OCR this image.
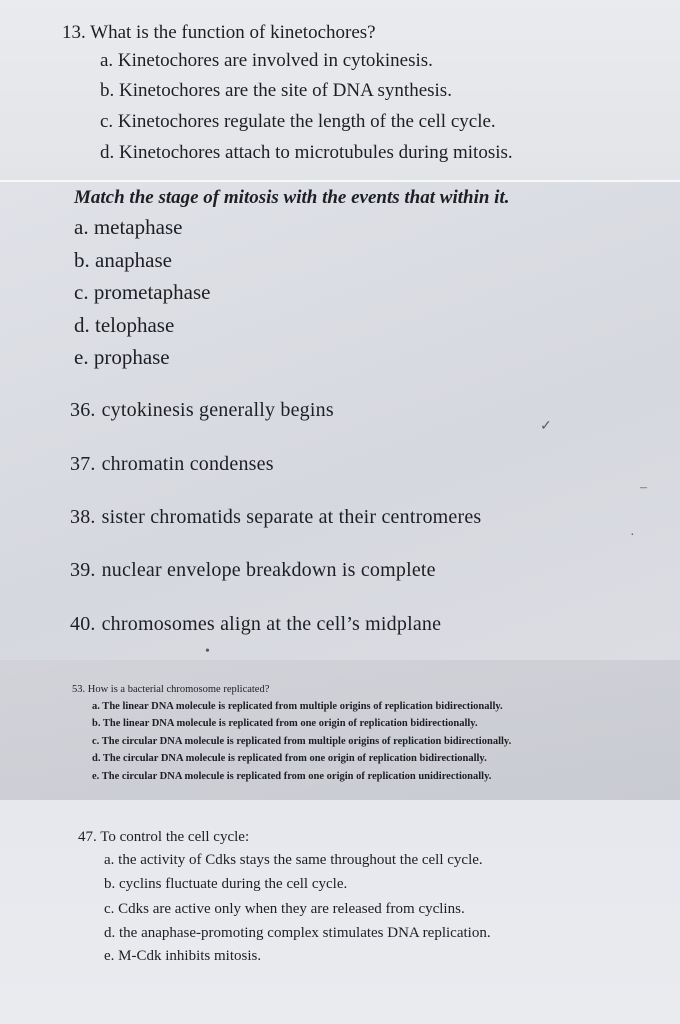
13. What is the function of kinetochores?
a. Kinetochores are involved in cytokinesis.
b. Kinetochores are the site of DNA synthesis.
c. Kinetochores regulate the length of the cell cycle.
d. Kinetochores attach to microtubules during mitosis.
Match the stage of mitosis with the events that within it.
a. metaphase
b. anaphase
c. prometaphase
d. telophase
e. prophase
36. cytokinesis generally begins
37. chromatin condenses
38. sister chromatids separate at their centromeres
39. nuclear envelope breakdown is complete
40. chromosomes align at the cell’s midplane
✓
–
·
•
53. How is a bacterial chromosome replicated?
a. The linear DNA molecule is replicated from multiple origins of replication bidirectionally.
b. The linear DNA molecule is replicated from one origin of replication bidirectionally.
c. The circular DNA molecule is replicated from multiple origins of replication bidirectionally.
d. The circular DNA molecule is replicated from one origin of replication bidirectionally.
e. The circular DNA molecule is replicated from one origin of replication unidirectionally.
47. To control the cell cycle:
a. the activity of Cdks stays the same throughout the cell cycle.
b. cyclins fluctuate during the cell cycle.
c. Cdks are active only when they are released from cyclins.
d. the anaphase-promoting complex stimulates DNA replication.
e. M-Cdk inhibits mitosis.
